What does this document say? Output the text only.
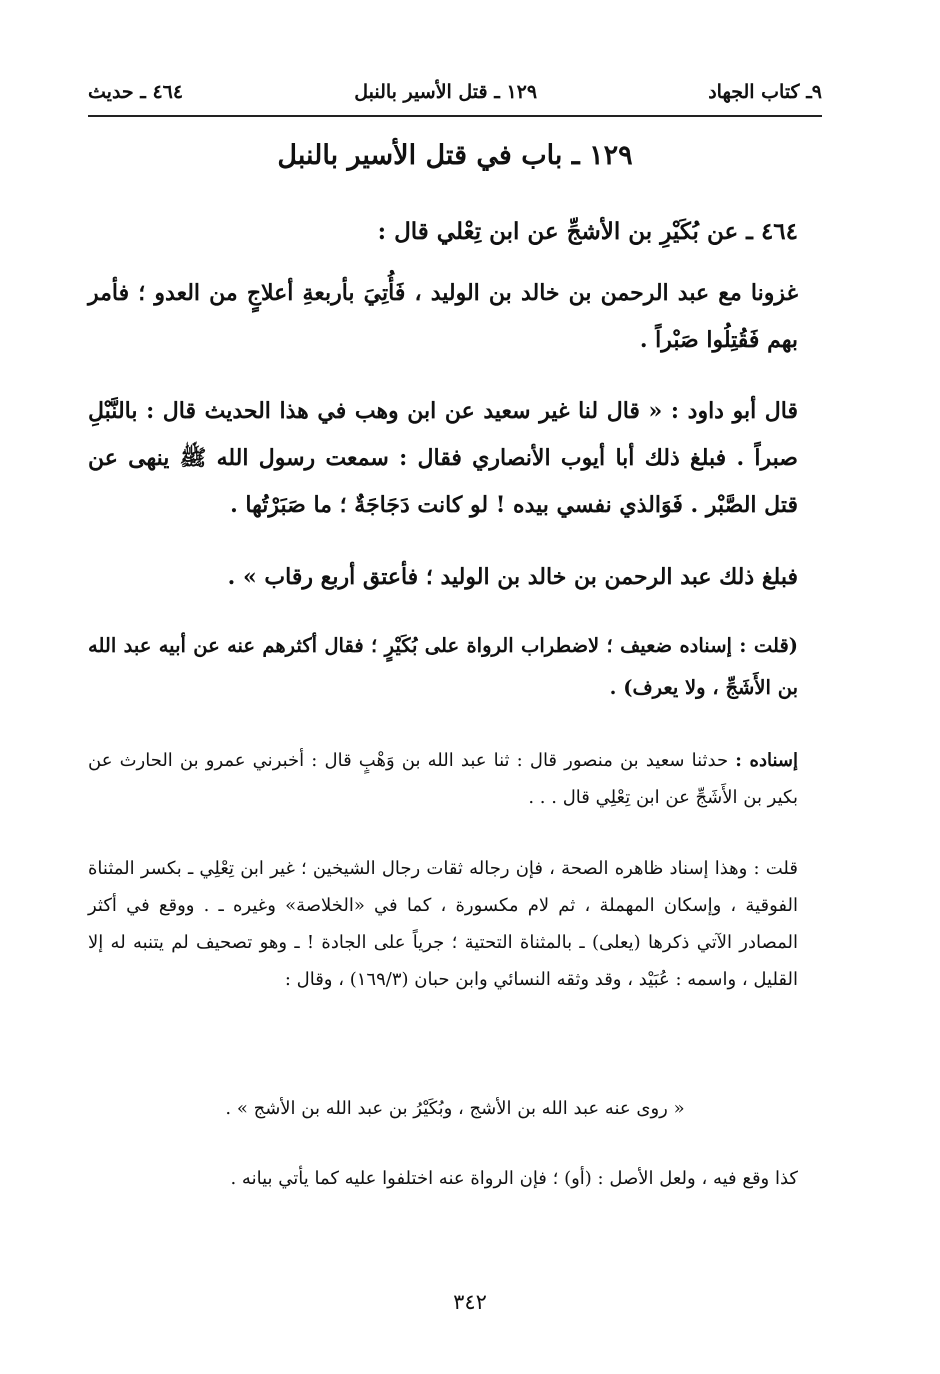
٩ـ كتاب الجهاد
١٢٩ ـ قتل الأسير بالنبل
٤٦٤ ـ حديث
١٢٩ ـ باب في قتل الأسير بالنبل
٤٦٤ ـ عن بُكَيْرِ بن الأشجِّ عن ابن تِعْلي قال :
غزونا مع عبد الرحمن بن خالد بن الوليد ، فَأُتِيَ بأربعةِ أعلاجٍ من العدو ؛ فأمر بهم فَقُتِلُوا صَبْراً .
قال أبو داود : « قال لنا غير سعيد عن ابن وهب في هذا الحديث قال : بالنَّبْلِ صبراً . فبلغ ذلك أبا أيوب الأنصاري فقال : سمعت رسول الله ﷺ ينهى عن قتل الصَّبْر . فَوَالذي نفسي بيده ! لو كانت دَجَاجَةٌ ؛ ما صَبَرْتُها .
فبلغ ذلك عبد الرحمن بن خالد بن الوليد ؛ فأعتق أربع رقاب » .
(قلت : إسناده ضعيف ؛ لاضطراب الرواة على بُكَيْرٍ ؛ فقال أكثرهم عنه عن أبيه عبد الله بن الأَشَجِّ ، ولا يعرف) .
إسناده : حدثنا سعيد بن منصور قال : ثنا عبد الله بن وَهْبٍ قال : أخبرني عمرو بن الحارث عن بكير بن الأَشَجِّ عن ابن تِعْلِي قال . . .
قلت : وهذا إسناد ظاهره الصحة ، فإن رجاله ثقات رجال الشيخين ؛ غير ابن تِعْلِي ـ بكسر المثناة الفوقية ، وإسكان المهملة ، ثم لام مكسورة ، كما في «الخلاصة» وغيره ـ . ووقع في أكثر المصادر الآتي ذكرها (يعلى) ـ بالمثناة التحتية ؛ جرياً على الجادة ! ـ وهو تصحيف لم يتنبه له إلا القليل ، واسمه : عُبَيْد ، وقد وثقه النسائي وابن حبان (١٦٩/٣) ، وقال :
« روى عنه عبد الله بن الأشج ، وبُكَيْرُ بن عبد الله بن الأشج » .
كذا وقع فيه ، ولعل الأصل : (أو) ؛ فإن الرواة عنه اختلفوا عليه كما يأتي بيانه .
٣٤٢
